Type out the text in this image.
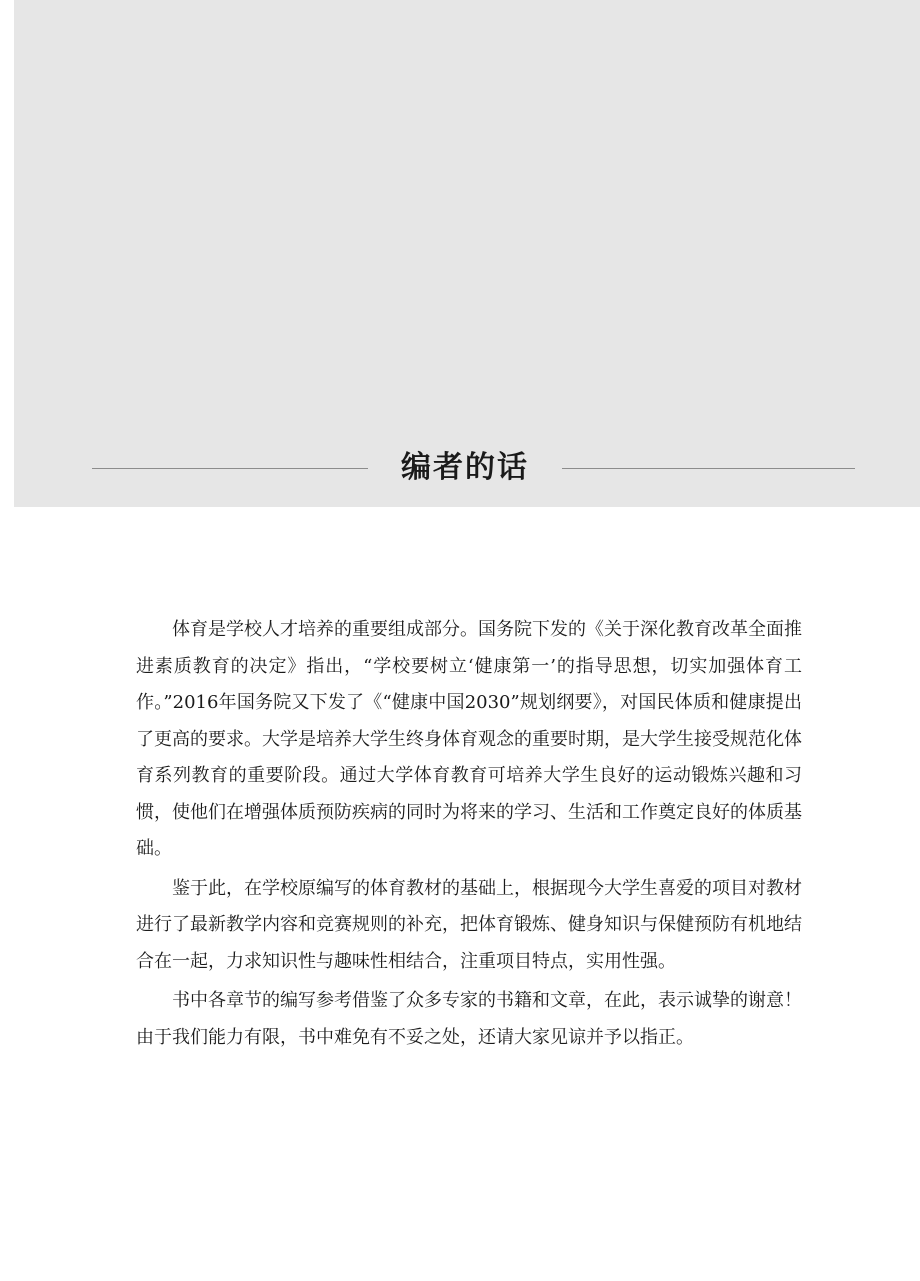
编者的话

体育是学校人才培养的重要组成部分。国务院下发的《关于深化教育改革全面推进素质教育的决定》指出，“学校要树立‘健康第一’的指导思想，切实加强体育工作。”2016年国务院又下发了《“健康中国2030”规划纲要》，对国民体质和健康提出了更高的要求。大学是培养大学生终身体育观念的重要时期，是大学生接受规范化体育系列教育的重要阶段。通过大学体育教育可培养大学生良好的运动锻炼兴趣和习惯，使他们在增强体质预防疾病的同时为将来的学习、生活和工作奠定良好的体质基础。

鉴于此，在学校原编写的体育教材的基础上，根据现今大学生喜爱的项目对教材进行了最新教学内容和竞赛规则的补充，把体育锻炼、健身知识与保健预防有机地结合在一起，力求知识性与趣味性相结合，注重项目特点，实用性强。

书中各章节的编写参考借鉴了众多专家的书籍和文章，在此，表示诚挚的谢意！由于我们能力有限，书中难免有不妥之处，还请大家见谅并予以指正。
